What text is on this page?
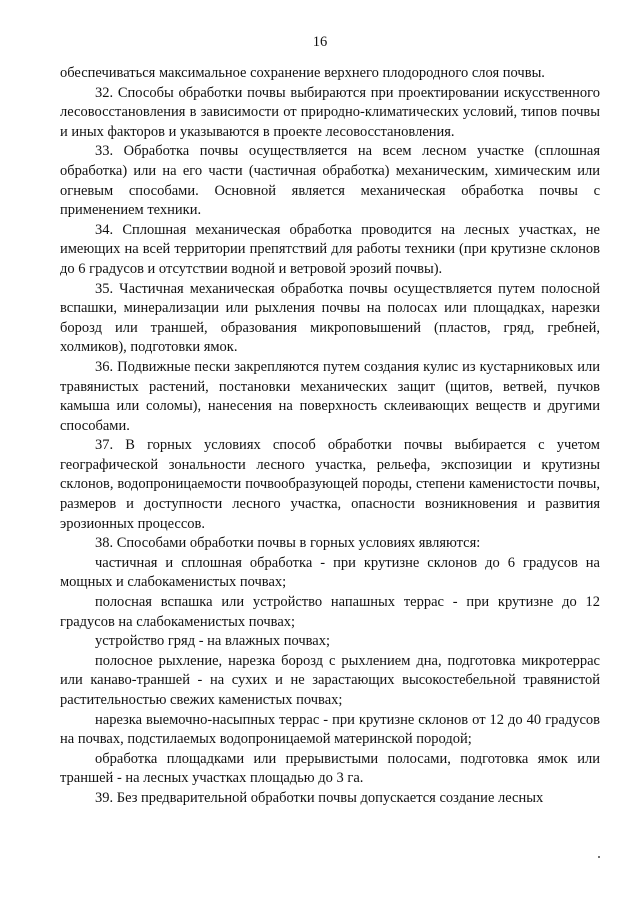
16

обеспечиваться максимальное сохранение верхнего плодородного слоя почвы.

32. Способы обработки почвы выбираются при проектировании искусственного лесовосстановления в зависимости от природно-климатических условий, типов почвы и иных факторов и указываются в проекте лесовосстановления.

33. Обработка почвы осуществляется на всем лесном участке (сплошная обработка) или на его части (частичная обработка) механическим, химическим или огневым способами. Основной является механическая обработка почвы с применением техники.

34. Сплошная механическая обработка проводится на лесных участках, не имеющих на всей территории препятствий для работы техники (при крутизне склонов до 6 градусов и отсутствии водной и ветровой эрозий почвы).

35. Частичная механическая обработка почвы осуществляется путем полосной вспашки, минерализации или рыхления почвы на полосах или площадках, нарезки борозд или траншей, образования микроповышений (пластов, гряд, гребней, холмиков), подготовки ямок.

36. Подвижные пески закрепляются путем создания кулис из кустарниковых или травянистых растений, постановки механических защит (щитов, ветвей, пучков камыша или соломы), нанесения на поверхность склеивающих веществ и другими способами.

37. В горных условиях способ обработки почвы выбирается с учетом географической зональности лесного участка, рельефа, экспозиции и крутизны склонов, водопроницаемости почвообразующей породы, степени каменистости почвы, размеров и доступности лесного участка, опасности возникновения и развития эрозионных процессов.

38. Способами обработки почвы в горных условиях являются:

частичная и сплошная обработка - при крутизне склонов до 6 градусов на мощных и слабокаменистых почвах;

полосная вспашка или устройство напашных террас - при крутизне до 12 градусов на слабокаменистых почвах;

устройство гряд - на влажных почвах;

полосное рыхление, нарезка борозд с рыхлением дна, подготовка микротеррас или канаво-траншей - на сухих и не зарастающих высокостебельной травянистой растительностью свежих каменистых почвах;

нарезка выемочно-насыпных террас - при крутизне склонов от 12 до 40 градусов на почвах, подстилаемых водопроницаемой материнской породой;

обработка площадками или прерывистыми полосами, подготовка ямок или траншей - на лесных участках площадью до 3 га.

39. Без предварительной обработки почвы допускается создание лесных
